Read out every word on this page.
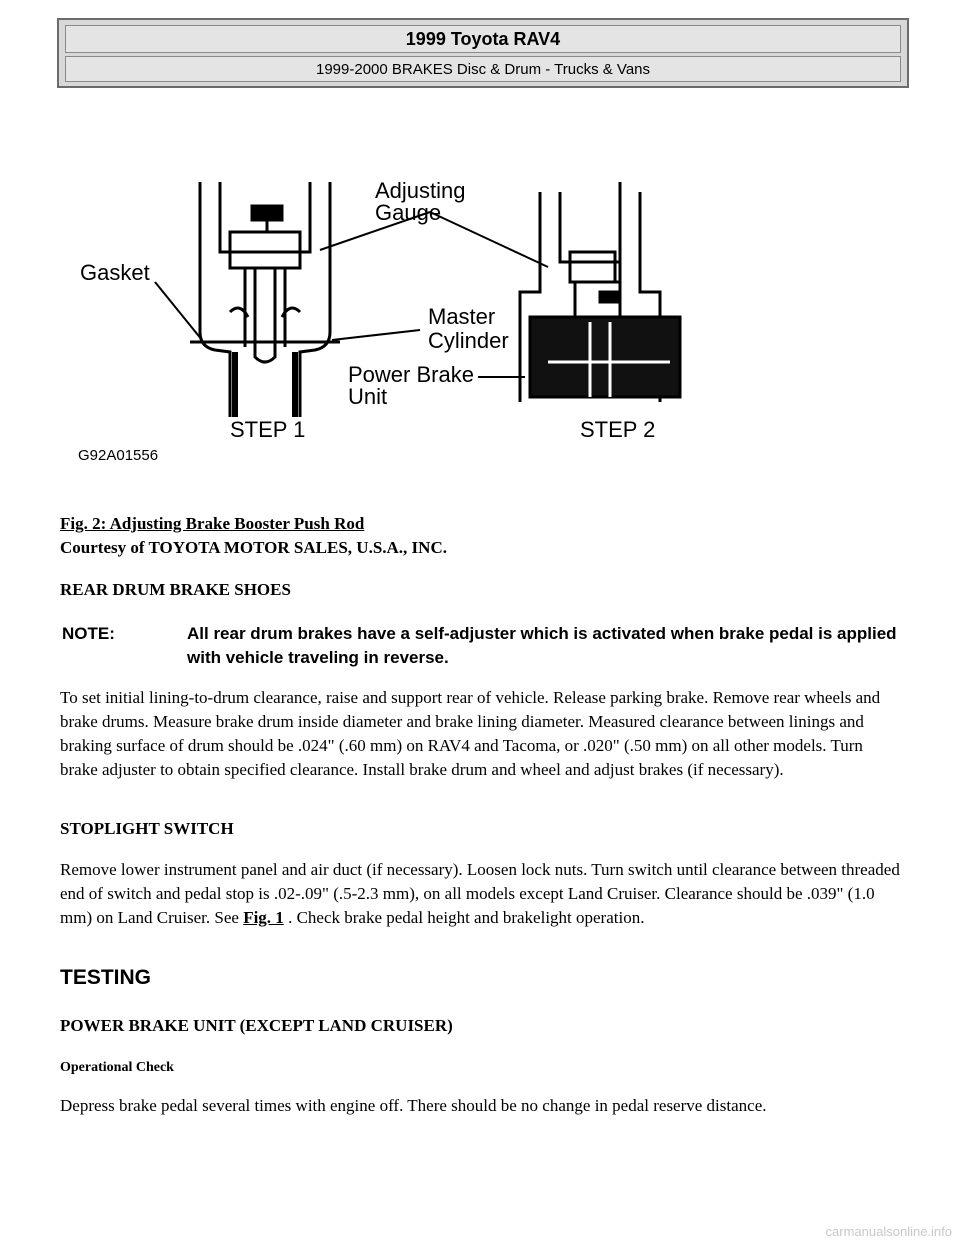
1999 Toyota RAV4
1999-2000 BRAKES Disc & Drum - Trucks & Vans
Adjusting
Gauge
Gasket
Master
Cylinder
Power Brake
Unit
STEP 1	STEP 2
G92A01556
Fig. 2: Adjusting Brake Booster Push Rod
Courtesy of TOYOTA MOTOR SALES, U.S.A., INC.
REAR DRUM BRAKE SHOES
NOTE:	All rear drum brakes have a self-adjuster which is activated when brake pedal is applied with vehicle traveling in reverse.
To set initial lining-to-drum clearance, raise and support rear of vehicle. Release parking brake. Remove rear wheels and brake drums. Measure brake drum inside diameter and brake lining diameter. Measured clearance between linings and braking surface of drum should be .024" (.60 mm) on RAV4 and Tacoma, or .020" (.50 mm) on all other models. Turn brake adjuster to obtain specified clearance. Install brake drum and wheel and adjust brakes (if necessary).
STOPLIGHT SWITCH
Remove lower instrument panel and air duct (if necessary). Loosen lock nuts. Turn switch until clearance between threaded end of switch and pedal stop is .02-.09" (.5-2.3 mm), on all models except Land Cruiser. Clearance should be .039" (1.0 mm) on Land Cruiser. See Fig. 1 . Check brake pedal height and brakelight operation.
TESTING
POWER BRAKE UNIT (EXCEPT LAND CRUISER)
Operational Check
Depress brake pedal several times with engine off. There should be no change in pedal reserve distance.
carmanualsonline.info
